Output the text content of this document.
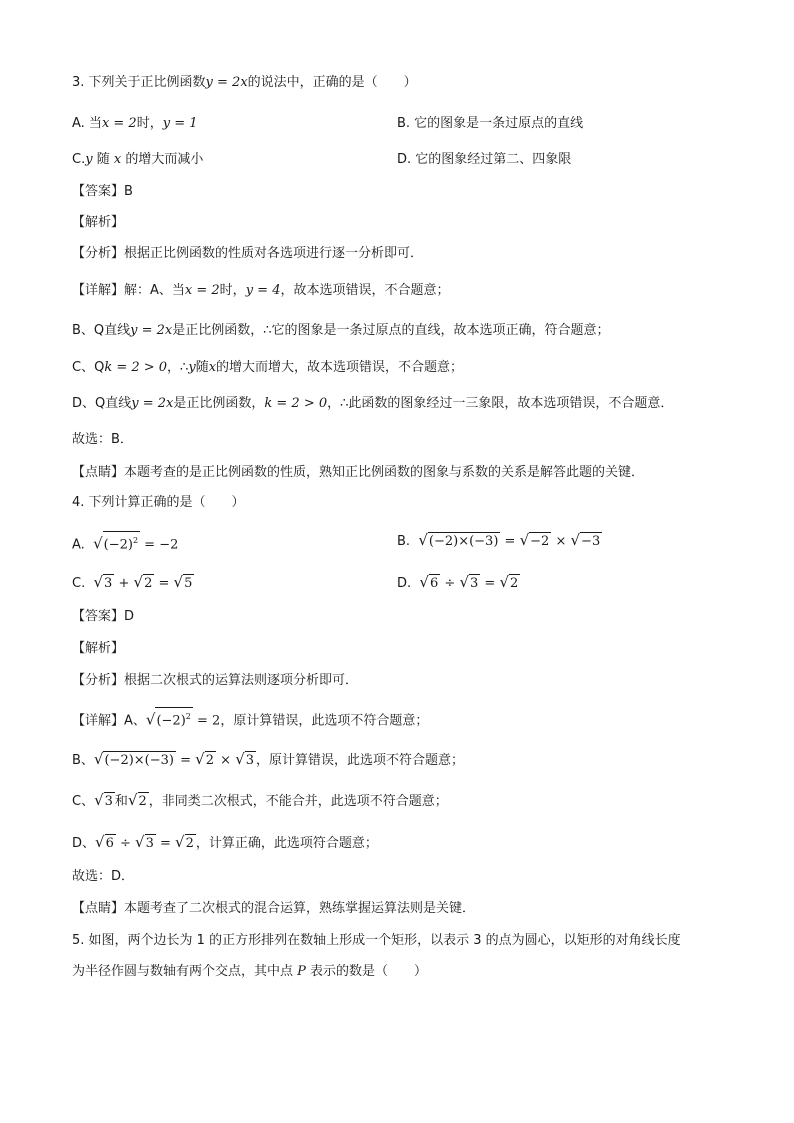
3. 下列关于正比例函数y = 2x的说法中，正确的是（　　）
A. 当x = 2时，y = 1	B. 它的图象是一条过原点的直线
C.y 随 x 的增大而减小	D. 它的图象经过第二、四象限
【答案】B
【解析】
【分析】根据正比例函数的性质对各选项进行逐一分析即可．
【详解】解：A、当x = 2时，y = 4，故本选项错误，不合题意；
B、Q直线y = 2x是正比例函数，∴它的图象是一条过原点的直线，故本选项正确，符合题意；
C、Qk = 2 > 0，∴y随x的增大而增大，故本选项错误，不合题意；
D、Q直线y = 2x是正比例函数，k = 2 > 0，∴此函数的图象经过一三象限，故本选项错误，不合题意．
故选：B．
【点睛】本题考查的是正比例函数的性质，熟知正比例函数的图象与系数的关系是解答此题的关键．
4. 下列计算正确的是（　　）
A. $√(-2)^2 = -2$	B. √(−2)×(−3) = √−2 × √−3
C. √3 + √2 = √5	D. √6 ÷ √3 = √2
【答案】D
【解析】
【分析】根据二次根式的运算法则逐项分析即可．
【详解】A、$√(-2)^2 = 2$，原计算错误，此选项不符合题意；
B、√(−2)×(−3) = √2 × √3 ，原计算错误，此选项不符合题意；
C、√3 和√2 ，非同类二次根式，不能合并，此选项不符合题意；
D、√6 ÷ √3 = √2 ，计算正确，此选项符合题意；
故选：D．
【点睛】本题考查了二次根式的混合运算，熟练掌握运算法则是关键．
5. 如图，两个边长为 1 的正方形排列在数轴上形成一个矩形，以表示 3 的点为圆心，以矩形的对角线长度
为半径作圆与数轴有两个交点，其中点 P 表示的数是（　　）
